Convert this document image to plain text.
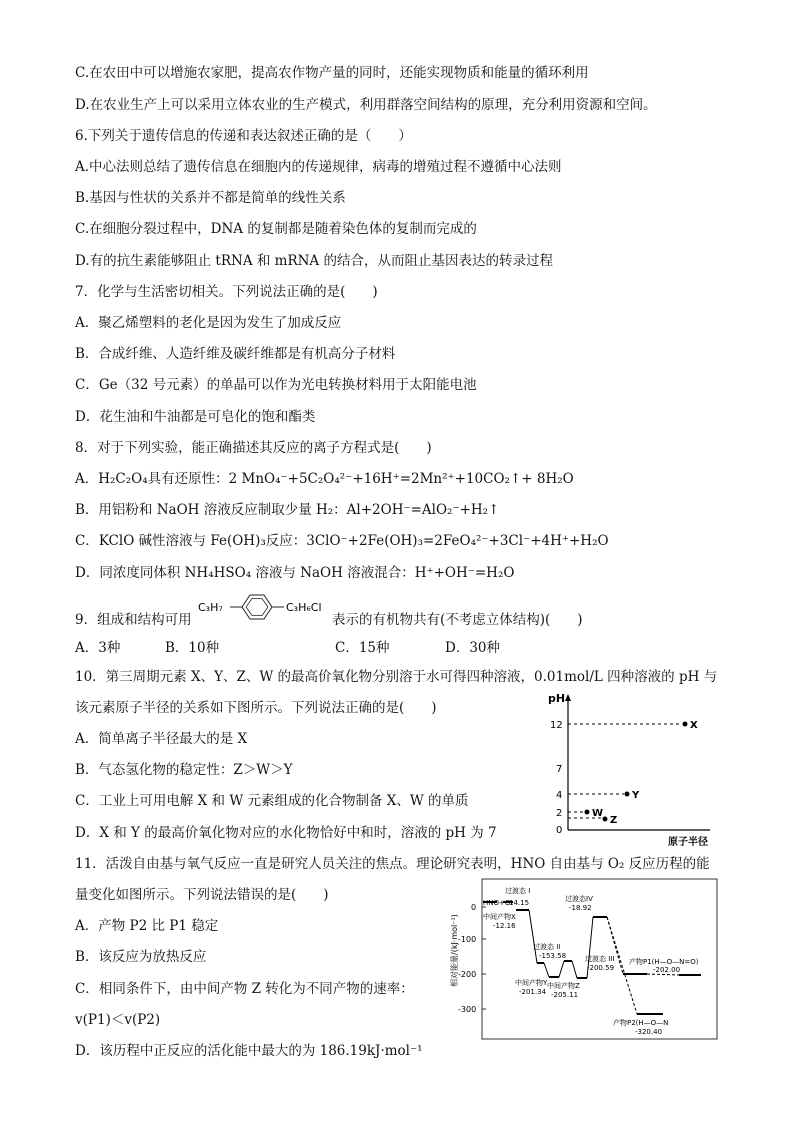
C.在农田中可以增施农家肥，提高农作物产量的同时，还能实现物质和能量的循环利用
D.在农业生产上可以采用立体农业的生产模式，利用群落空间结构的原理，充分利用资源和空间。
6.下列关于遗传信息的传递和表达叙述正确的是（　　）
A.中心法则总结了遗传信息在细胞内的传递规律，病毒的增殖过程不遵循中心法则
B.基因与性状的关系并不都是简单的线性关系
C.在细胞分裂过程中，DNA 的复制都是随着染色体的复制而完成的
D.有的抗生素能够阻止 tRNA 和 mRNA 的结合，从而阻止基因表达的转录过程
7．化学与生活密切相关。下列说法正确的是(　　)
A．聚乙烯塑料的老化是因为发生了加成反应
B．合成纤维、人造纤维及碳纤维都是有机高分子材料
C．Ge（32 号元素）的单晶可以作为光电转换材料用于太阳能电池
D．花生油和牛油都是可皂化的饱和酯类
8．对于下列实验，能正确描述其反应的离子方程式是(　　)
A．H₂C₂O₄具有还原性：2 MnO₄⁻+5C₂O₄²⁻+16H⁺=2Mn²⁺+10CO₂↑+ 8H₂O
B．用铝粉和 NaOH 溶液反应制取少量 H₂：Al+2OH⁻=AlO₂⁻+H₂↑
C．KClO 碱性溶液与 Fe(OH)₃反应：3ClO⁻+2Fe(OH)₃=2FeO₄²⁻+3Cl⁻+4H⁺+H₂O
D．同浓度同体积 NH₄HSO₄ 溶液与 NaOH 溶液混合：H⁺+OH⁻=H₂O
9．组成和结构可用
C₃H₇	C₃H₆Cl
表示的有机物共有(不考虑立体结构)(　　)
A．3种	B．10种	C．15种	D．30种
10．第三周期元素 X、Y、Z、W 的最高价氧化物分别溶于水可得四种溶液，0.01mol/L 四种溶液的 pH 与
该元素原子半径的关系如下图所示。下列说法正确的是(　　)
A．简单离子半径最大的是 X
B．气态氢化物的稳定性：Z＞W＞Y
C．工业上可用电解 X 和 W 元素组成的化合物制备 X、W 的单质
D．X 和 Y 的最高价氧化物对应的水化物恰好中和时，溶液的 pH 为 7
pH
12
7
4
2
0
X
Y
W
Z
原子半径
11．活泼自由基与氧气反应一直是研究人员关注的焦点。理论研究表明，HNO 自由基与 O₂ 反应历程的能
量变化如图所示。下列说法错误的是(　　)
A．产物 P2 比 P1 稳定
B．该反应为放热反应
C．相同条件下，由中间产物 Z 转化为不同产物的速率：
v(P1)＜v(P2)
D．该历程中正反应的活化能中最大的为 186.19kJ·mol⁻¹
相对能量/(kJ·mol⁻¹)
0
-100
-200
-300
HNO+O₂
14.15
过渡态 I
中间产物X
-12.16
过渡态 II
-153.58
中间产物Y
-201.34
过渡态IV
-18.92
过渡态 III
-200.59
中间产物Z
-205.11
产物P1(H—O—N=O)
-202.00
产物P2(H—O—N
-320.40
